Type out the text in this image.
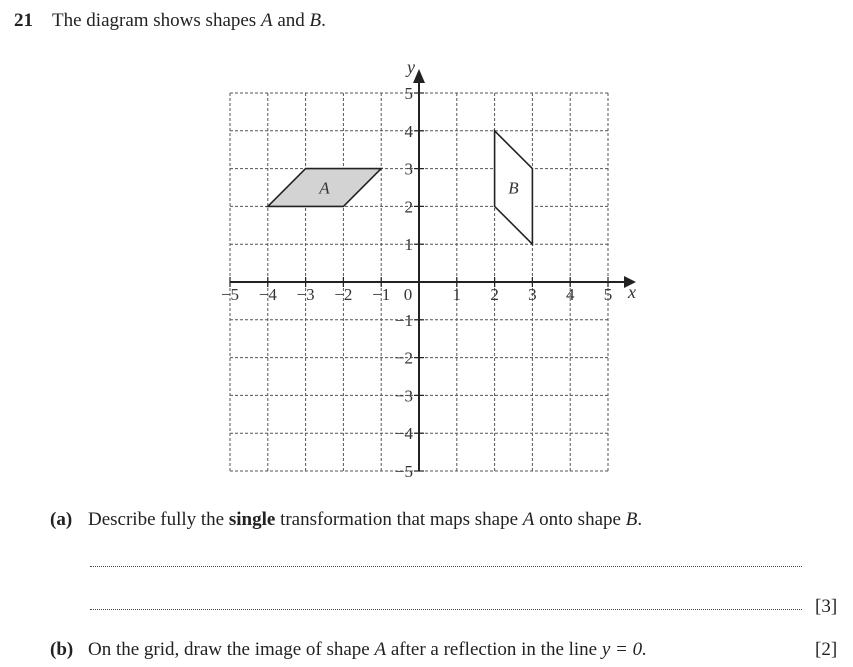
21 The diagram shows shapes A and B.
x
y
−5 −4 −3 −2 −1 0 1 2 3 4 5
1
2
3
4
5
−1
−2
−3
−4
−5
A	B
(a) Describe fully the single transformation that maps shape A onto shape B.
[3]
(b) On the grid, draw the image of shape A after a reflection in the line y = 0.	[2]
